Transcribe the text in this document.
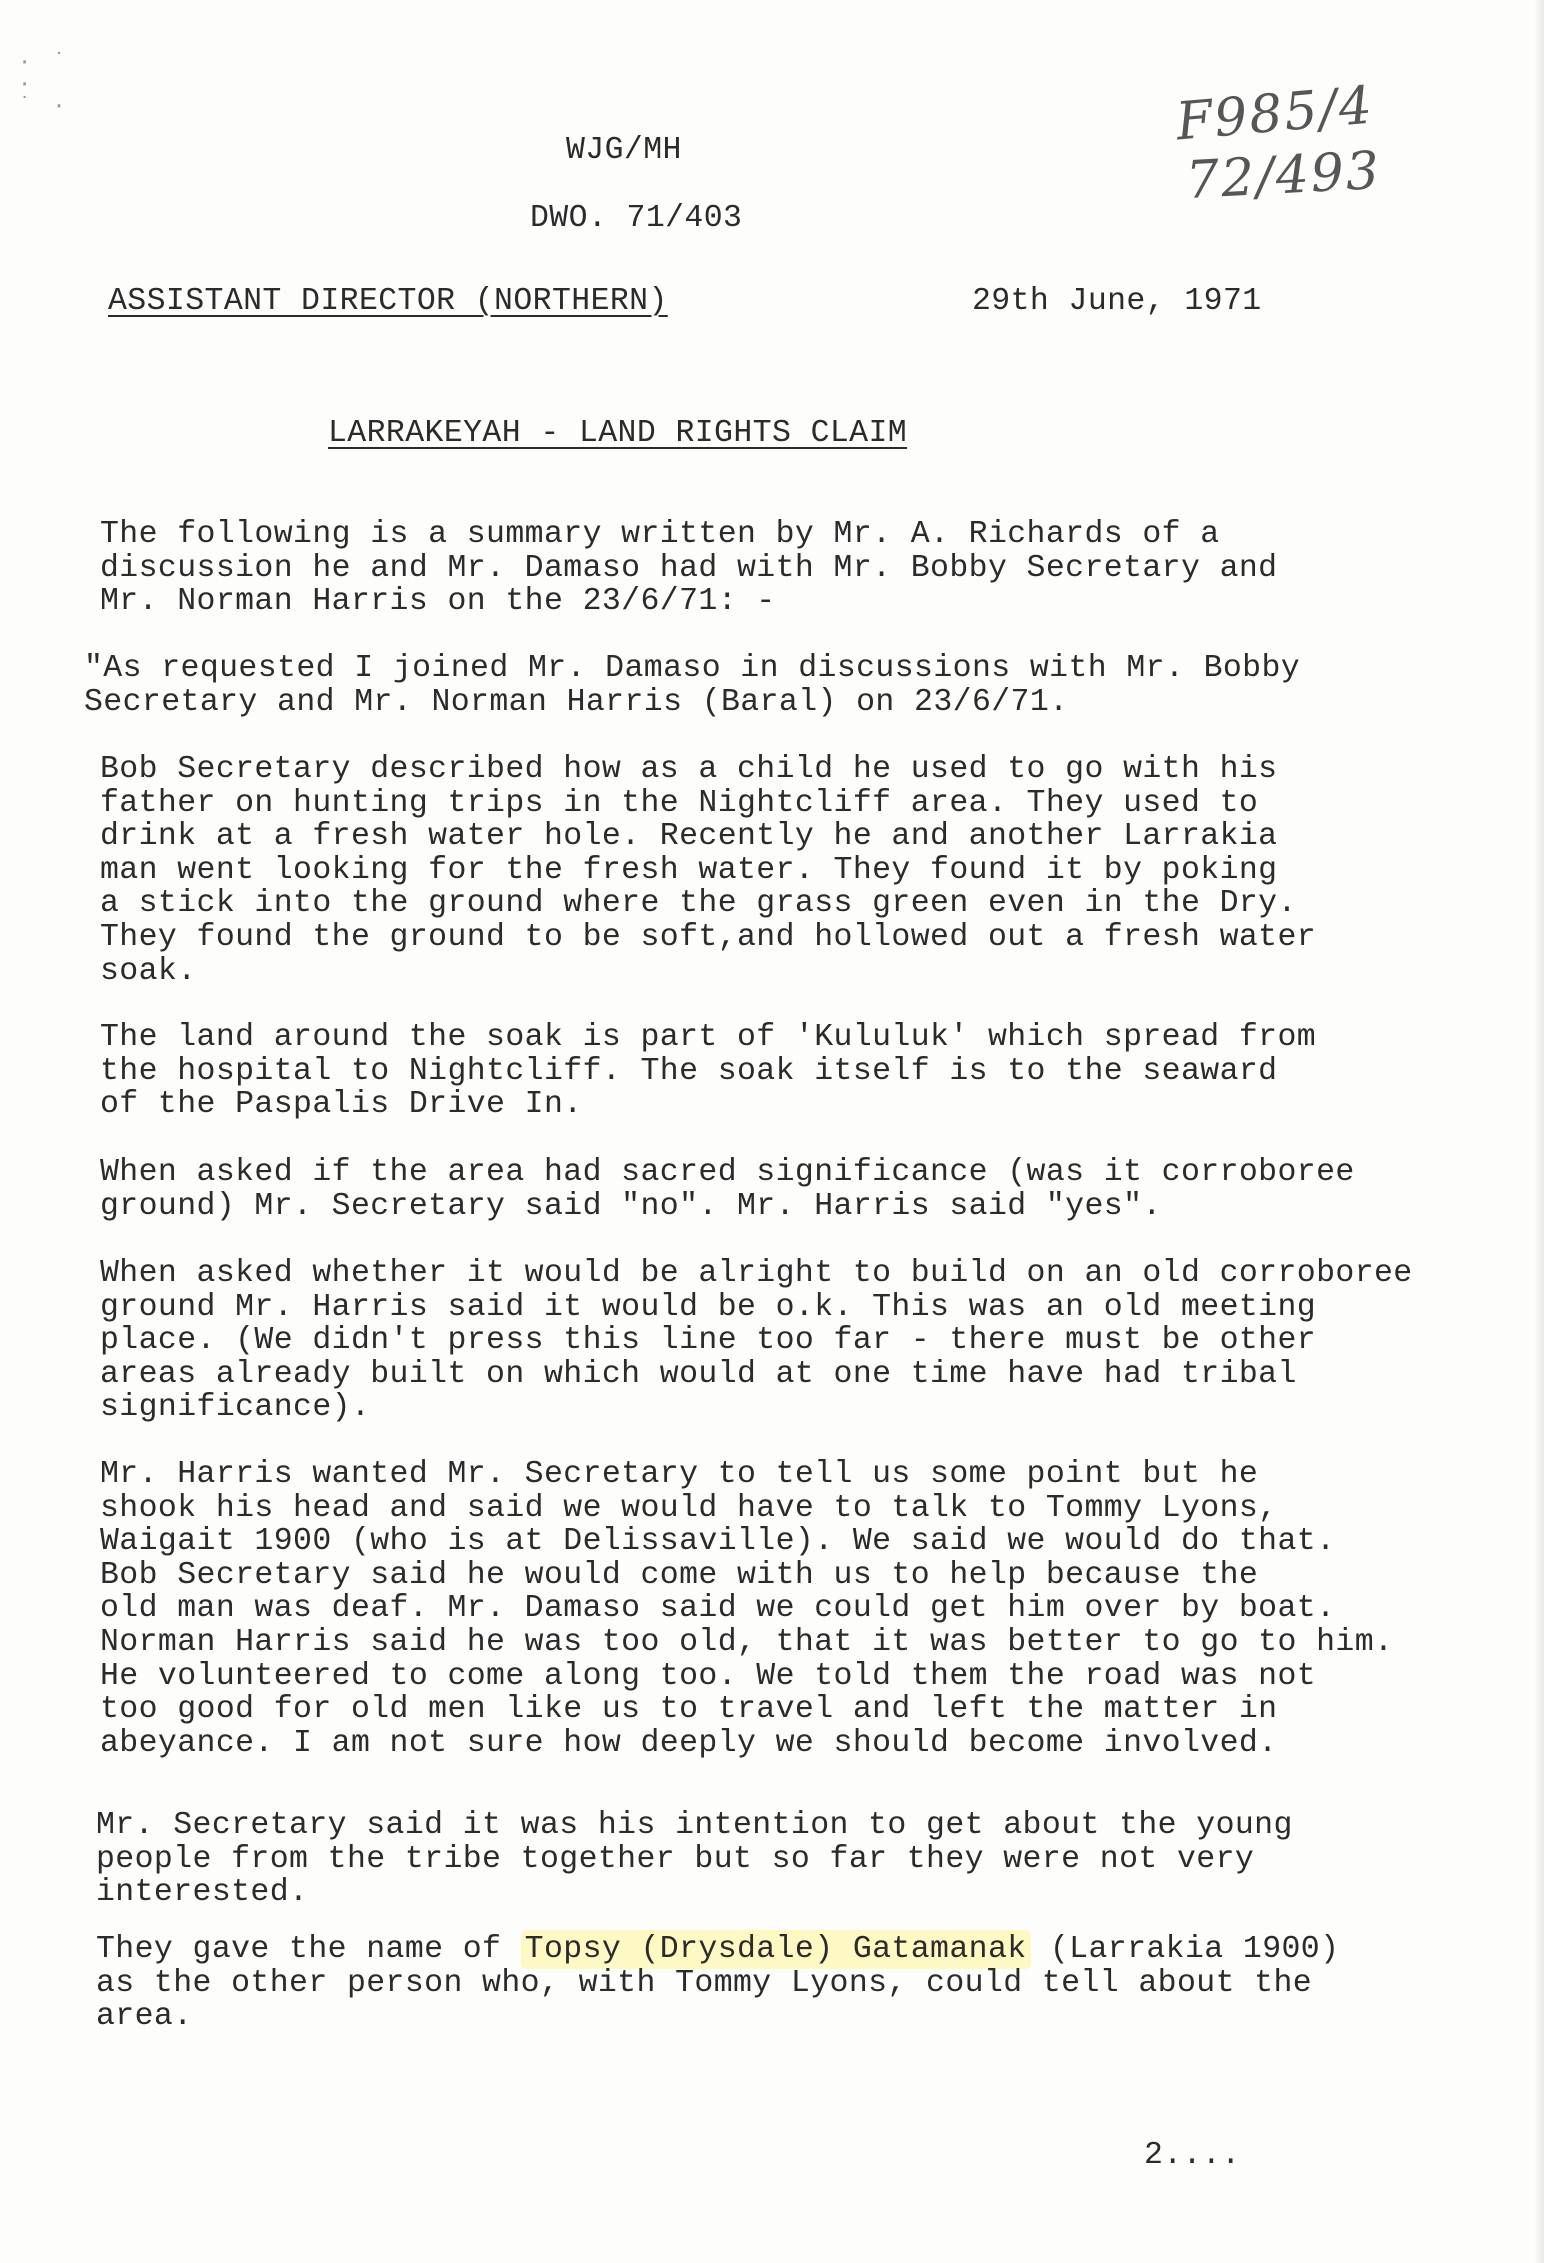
· ˙ ·
˙ ·	F985/4
72/493
WJG/MH
DWO. 71/403
ASSISTANT DIRECTOR (NORTHERN)	29th June, 1971
LARRAKEYAH - LAND RIGHTS CLAIM
The following is a summary written by Mr. A. Richards of a
discussion he and Mr. Damaso had with Mr. Bobby Secretary and
Mr. Norman Harris on the 23/6/71: -
"As requested I joined Mr. Damaso in discussions with Mr. Bobby
Secretary and Mr. Norman Harris (Baral) on 23/6/71.
Bob Secretary described how as a child he used to go with his
father on hunting trips in the Nightcliff area. They used to
drink at a fresh water hole. Recently he and another Larrakia
man went looking for the fresh water. They found it by poking
a stick into the ground where the grass green even in the Dry.
They found the ground to be soft,and hollowed out a fresh water
soak.
The land around the soak is part of 'Kululuk' which spread from
the hospital to Nightcliff. The soak itself is to the seaward
of the Paspalis Drive In.
When asked if the area had sacred significance (was it corroboree
ground) Mr. Secretary said "no". Mr. Harris said "yes".
When asked whether it would be alright to build on an old corroboree
ground Mr. Harris said it would be o.k. This was an old meeting
place. (We didn't press this line too far - there must be other
areas already built on which would at one time have had tribal
significance).
Mr. Harris wanted Mr. Secretary to tell us some point but he
shook his head and said we would have to talk to Tommy Lyons,
Waigait 1900 (who is at Delissaville). We said we would do that.
Bob Secretary said he would come with us to help because the
old man was deaf. Mr. Damaso said we could get him over by boat.
Norman Harris said he was too old, that it was better to go to him.
He volunteered to come along too. We told them the road was not
too good for old men like us to travel and left the matter in
abeyance. I am not sure how deeply we should become involved.
Mr. Secretary said it was his intention to get about the young
people from the tribe together but so far they were not very
interested.
They gave the name of Topsy (Drysdale) Gatamanak (Larrakia 1900)
as the other person who, with Tommy Lyons, could tell about the
area.
2....
